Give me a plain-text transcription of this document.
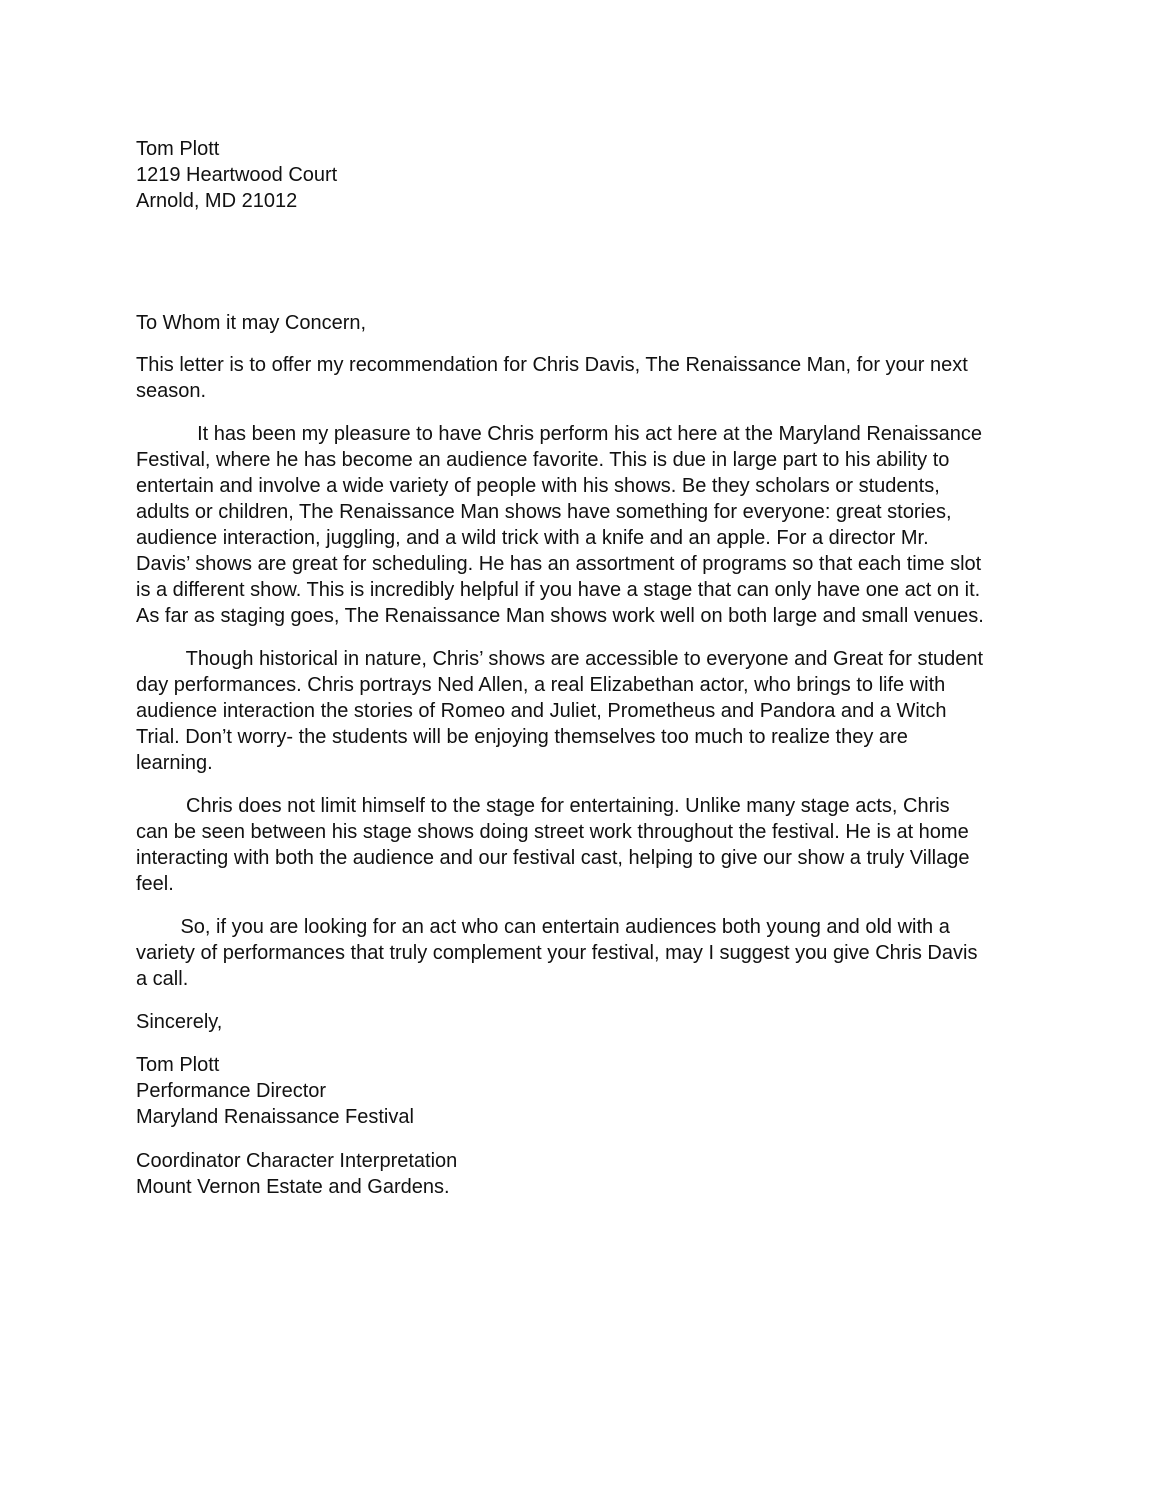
Tom Plott
1219 Heartwood Court
Arnold, MD 21012
To Whom it may Concern,
This letter is to offer my recommendation for Chris Davis, The Renaissance Man, for your next
season.
It has been my pleasure to have Chris perform his act here at the Maryland Renaissance
Festival, where he has become an audience favorite. This is due in large part to his ability to
entertain and involve a wide variety of people with his shows. Be they scholars or students,
adults or children, The Renaissance Man shows have something for everyone: great stories,
audience interaction, juggling, and a wild trick with a knife and an apple. For a director Mr.
Davis’ shows are great for scheduling. He has an assortment of programs so that each time slot
is a different show. This is incredibly helpful if you have a stage that can only have one act on it.
As far as staging goes, The Renaissance Man shows work well on both large and small venues.
Though historical in nature, Chris’ shows are accessible to everyone and Great for student
day performances. Chris portrays Ned Allen, a real Elizabethan actor, who brings to life with
audience interaction the stories of Romeo and Juliet, Prometheus and Pandora and a Witch
Trial. Don’t worry- the students will be enjoying themselves too much to realize they are
learning.
Chris does not limit himself to the stage for entertaining. Unlike many stage acts, Chris
can be seen between his stage shows doing street work throughout the festival. He is at home
interacting with both the audience and our festival cast, helping to give our show a truly Village
feel.
So, if you are looking for an act who can entertain audiences both young and old with a
variety of performances that truly complement your festival, may I suggest you give Chris Davis
a call.
Sincerely,
Tom Plott
Performance Director
Maryland Renaissance Festival
Coordinator Character Interpretation
Mount Vernon Estate and Gardens.
